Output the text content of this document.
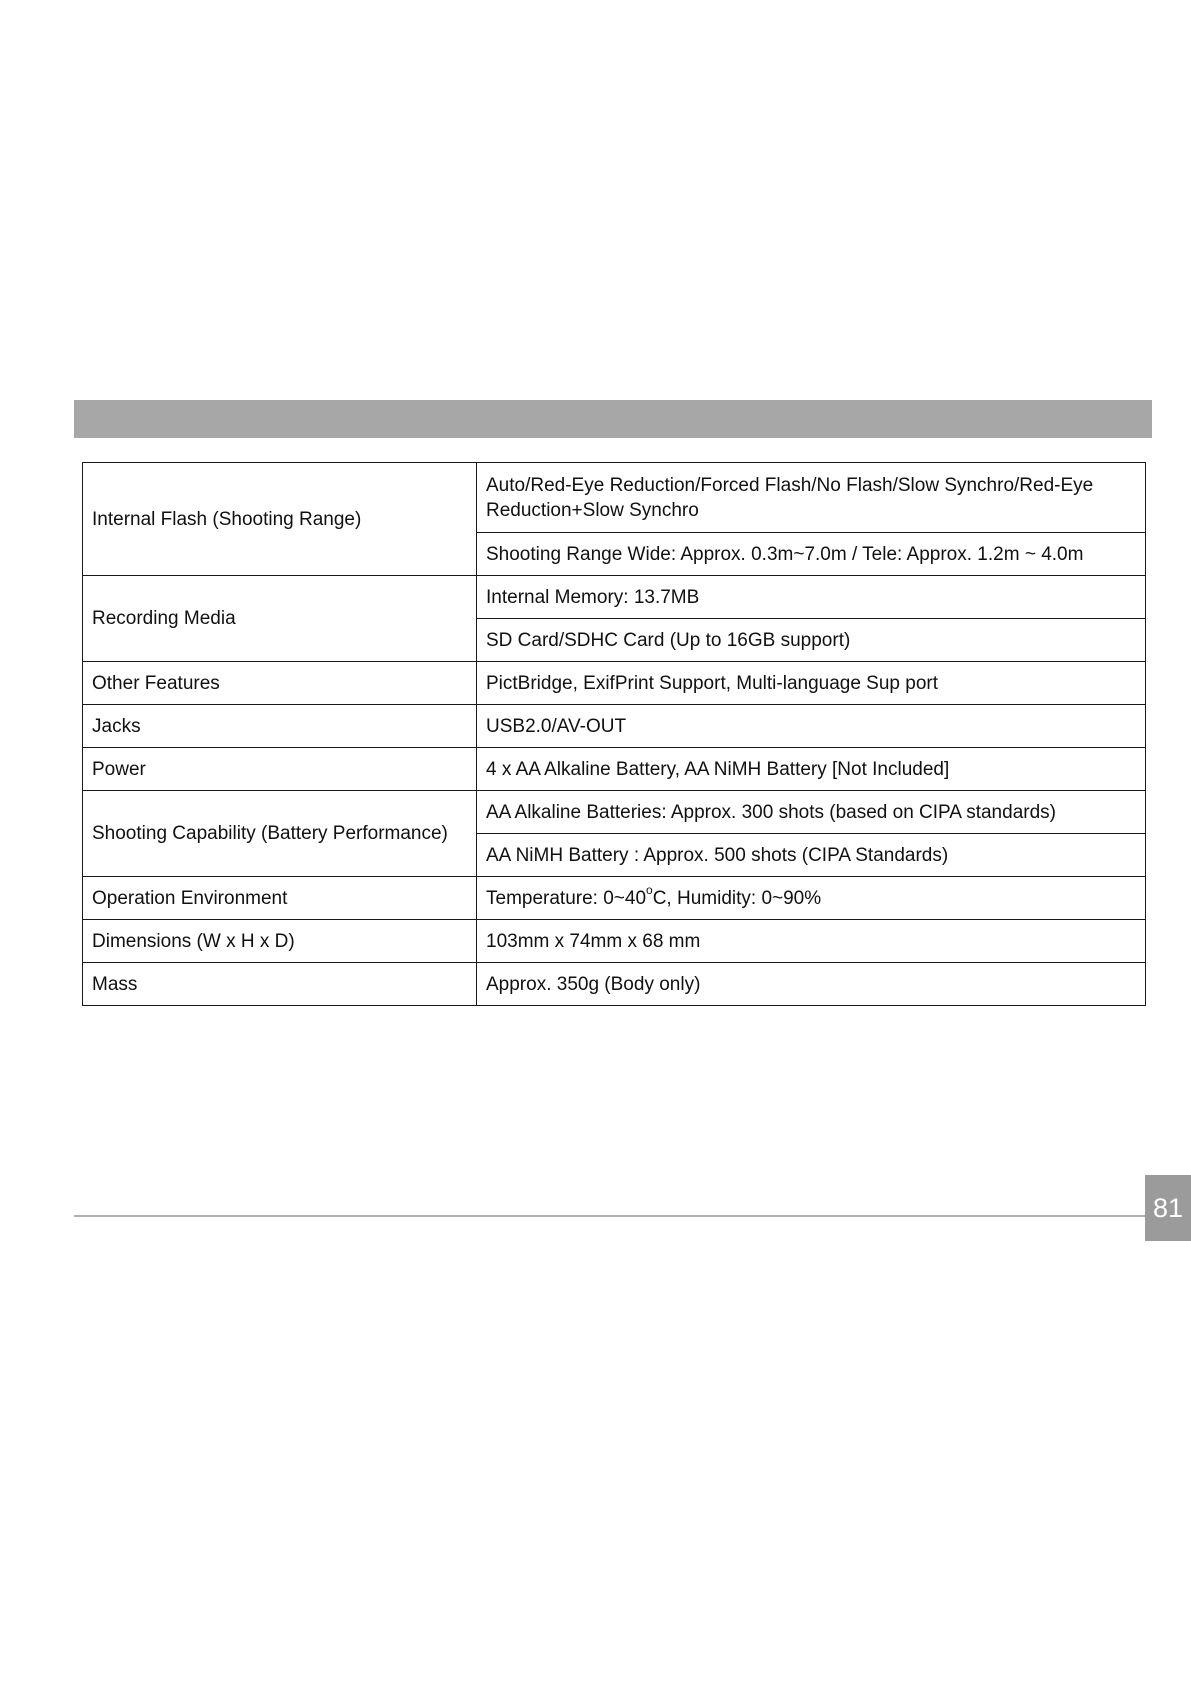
Internal Flash (Shooting Range)	Auto/Red-Eye Reduction/Forced Flash/No Flash/Slow Synchro/Red-Eye Reduction+Slow Synchro
	Shooting Range Wide: Approx. 0.3m~7.0m / Tele: Approx. 1.2m ~ 4.0m
Recording Media	Internal Memory: 13.7MB
	SD Card/SDHC Card (Up to 16GB support)
Other Features	PictBridge, ExifPrint Support, Multi-language Sup port
Jacks	USB2.0/AV-OUT
Power	4 x AA Alkaline Battery, AA NiMH Battery [Not Included]
Shooting Capability (Battery Performance)	AA Alkaline Batteries: Approx. 300 shots (based on CIPA standards)
	AA NiMH Battery : Approx. 500 shots (CIPA Standards)
Operation Environment	Temperature: 0~40$^o$C, Humidity: 0~90%
Dimensions (W x H x D)	103mm x 74mm x 68 mm
Mass	Approx. 350g (Body only)
81
